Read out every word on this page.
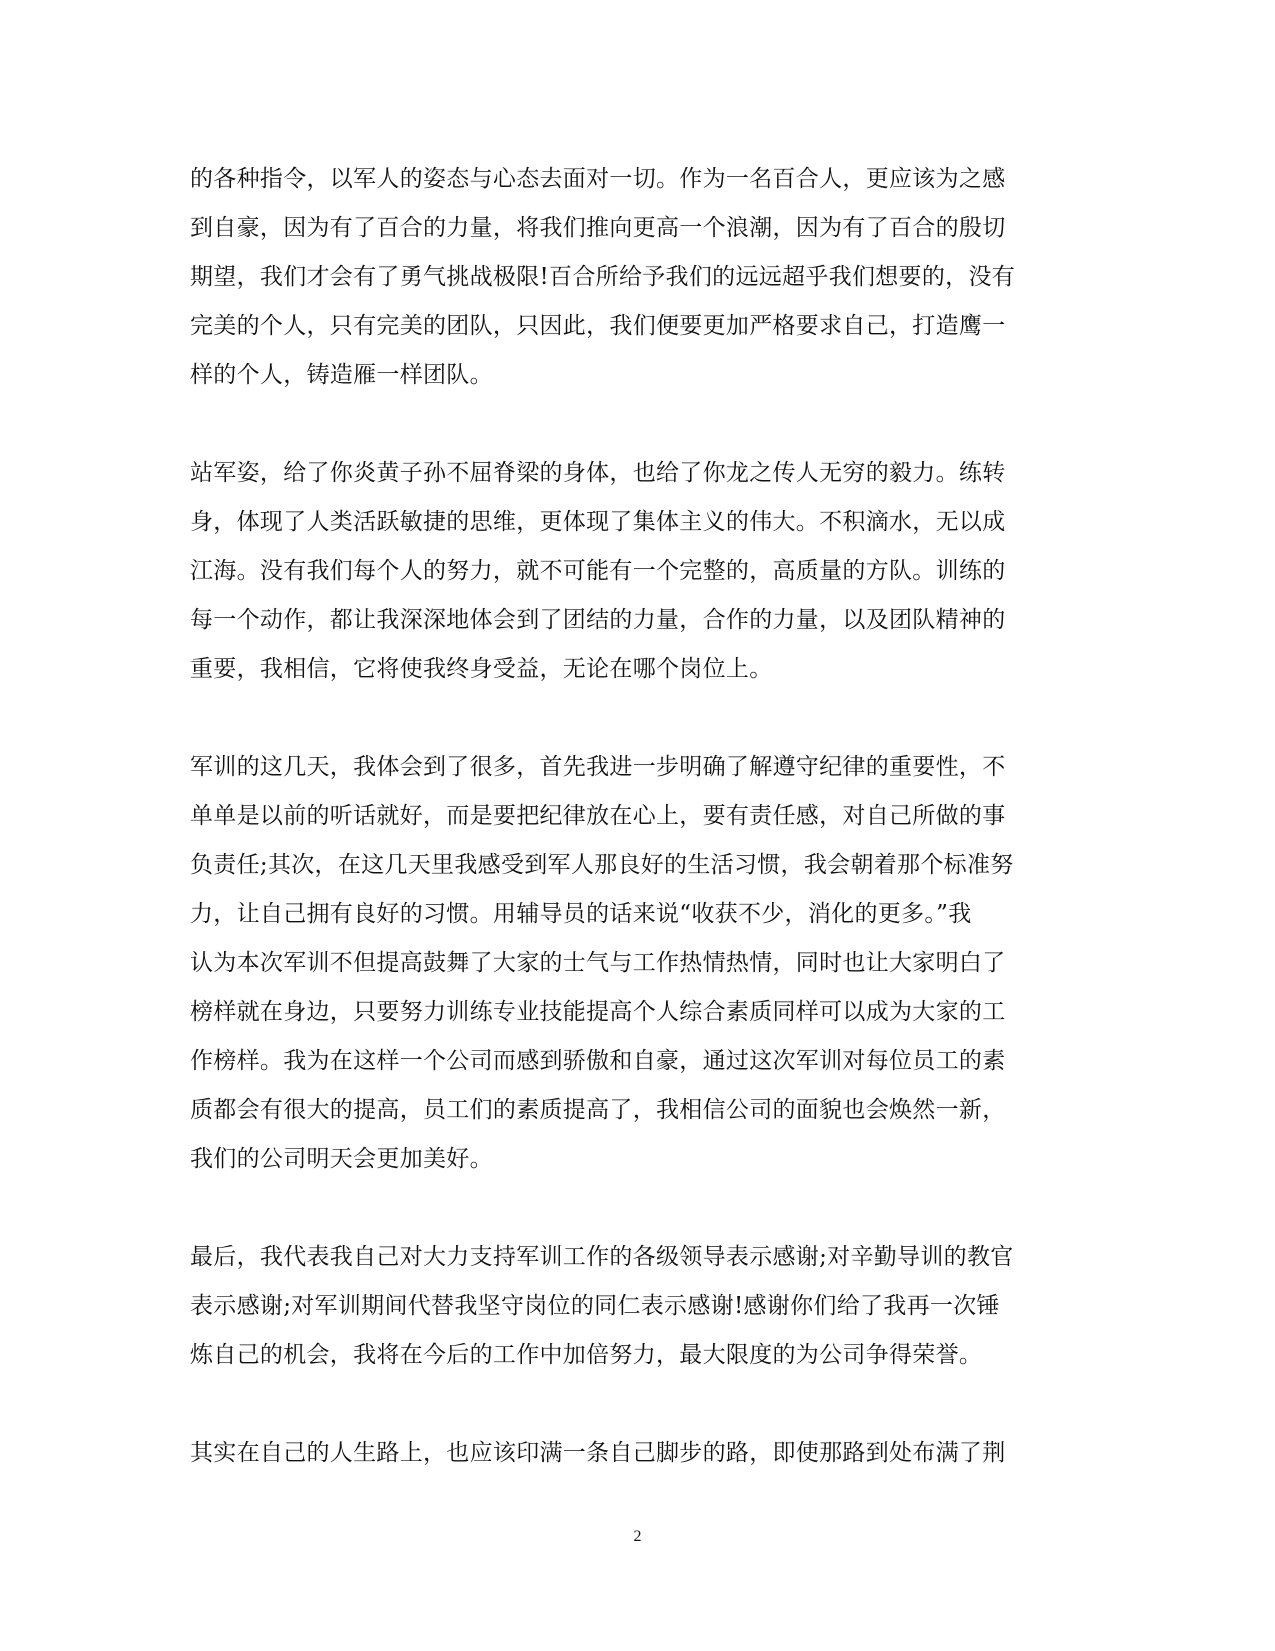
的各种指令，以军人的姿态与心态去面对一切。作为一名百合人，更应该为之感
到自豪，因为有了百合的力量，将我们推向更高一个浪潮，因为有了百合的殷切
期望，我们才会有了勇气挑战极限!百合所给予我们的远远超乎我们想要的，没有
完美的个人，只有完美的团队，只因此，我们便要更加严格要求自己，打造鹰一
样的个人，铸造雁一样团队。

站军姿，给了你炎黄子孙不屈脊梁的身体，也给了你龙之传人无穷的毅力。练转
身，体现了人类活跃敏捷的思维，更体现了集体主义的伟大。不积滴水，无以成
江海。没有我们每个人的努力，就不可能有一个完整的，高质量的方队。训练的
每一个动作，都让我深深地体会到了团结的力量，合作的力量，以及团队精神的
重要，我相信，它将使我终身受益，无论在哪个岗位上。

军训的这几天，我体会到了很多，首先我进一步明确了解遵守纪律的重要性，不
单单是以前的听话就好，而是要把纪律放在心上，要有责任感，对自己所做的事
负责任;其次，在这几天里我感受到军人那良好的生活习惯，我会朝着那个标准努
力，让自己拥有良好的习惯。用辅导员的话来说“收获不少，消化的更多。”我
认为本次军训不但提高鼓舞了大家的士气与工作热情热情，同时也让大家明白了
榜样就在身边，只要努力训练专业技能提高个人综合素质同样可以成为大家的工
作榜样。我为在这样一个公司而感到骄傲和自豪，通过这次军训对每位员工的素
质都会有很大的提高，员工们的素质提高了，我相信公司的面貌也会焕然一新，
我们的公司明天会更加美好。

最后，我代表我自己对大力支持军训工作的各级领导表示感谢;对辛勤导训的教官
表示感谢;对军训期间代替我坚守岗位的同仁表示感谢!感谢你们给了我再一次锤
炼自己的机会，我将在今后的工作中加倍努力，最大限度的为公司争得荣誉。

其实在自己的人生路上，也应该印满一条自己脚步的路，即使那路到处布满了荆

2
